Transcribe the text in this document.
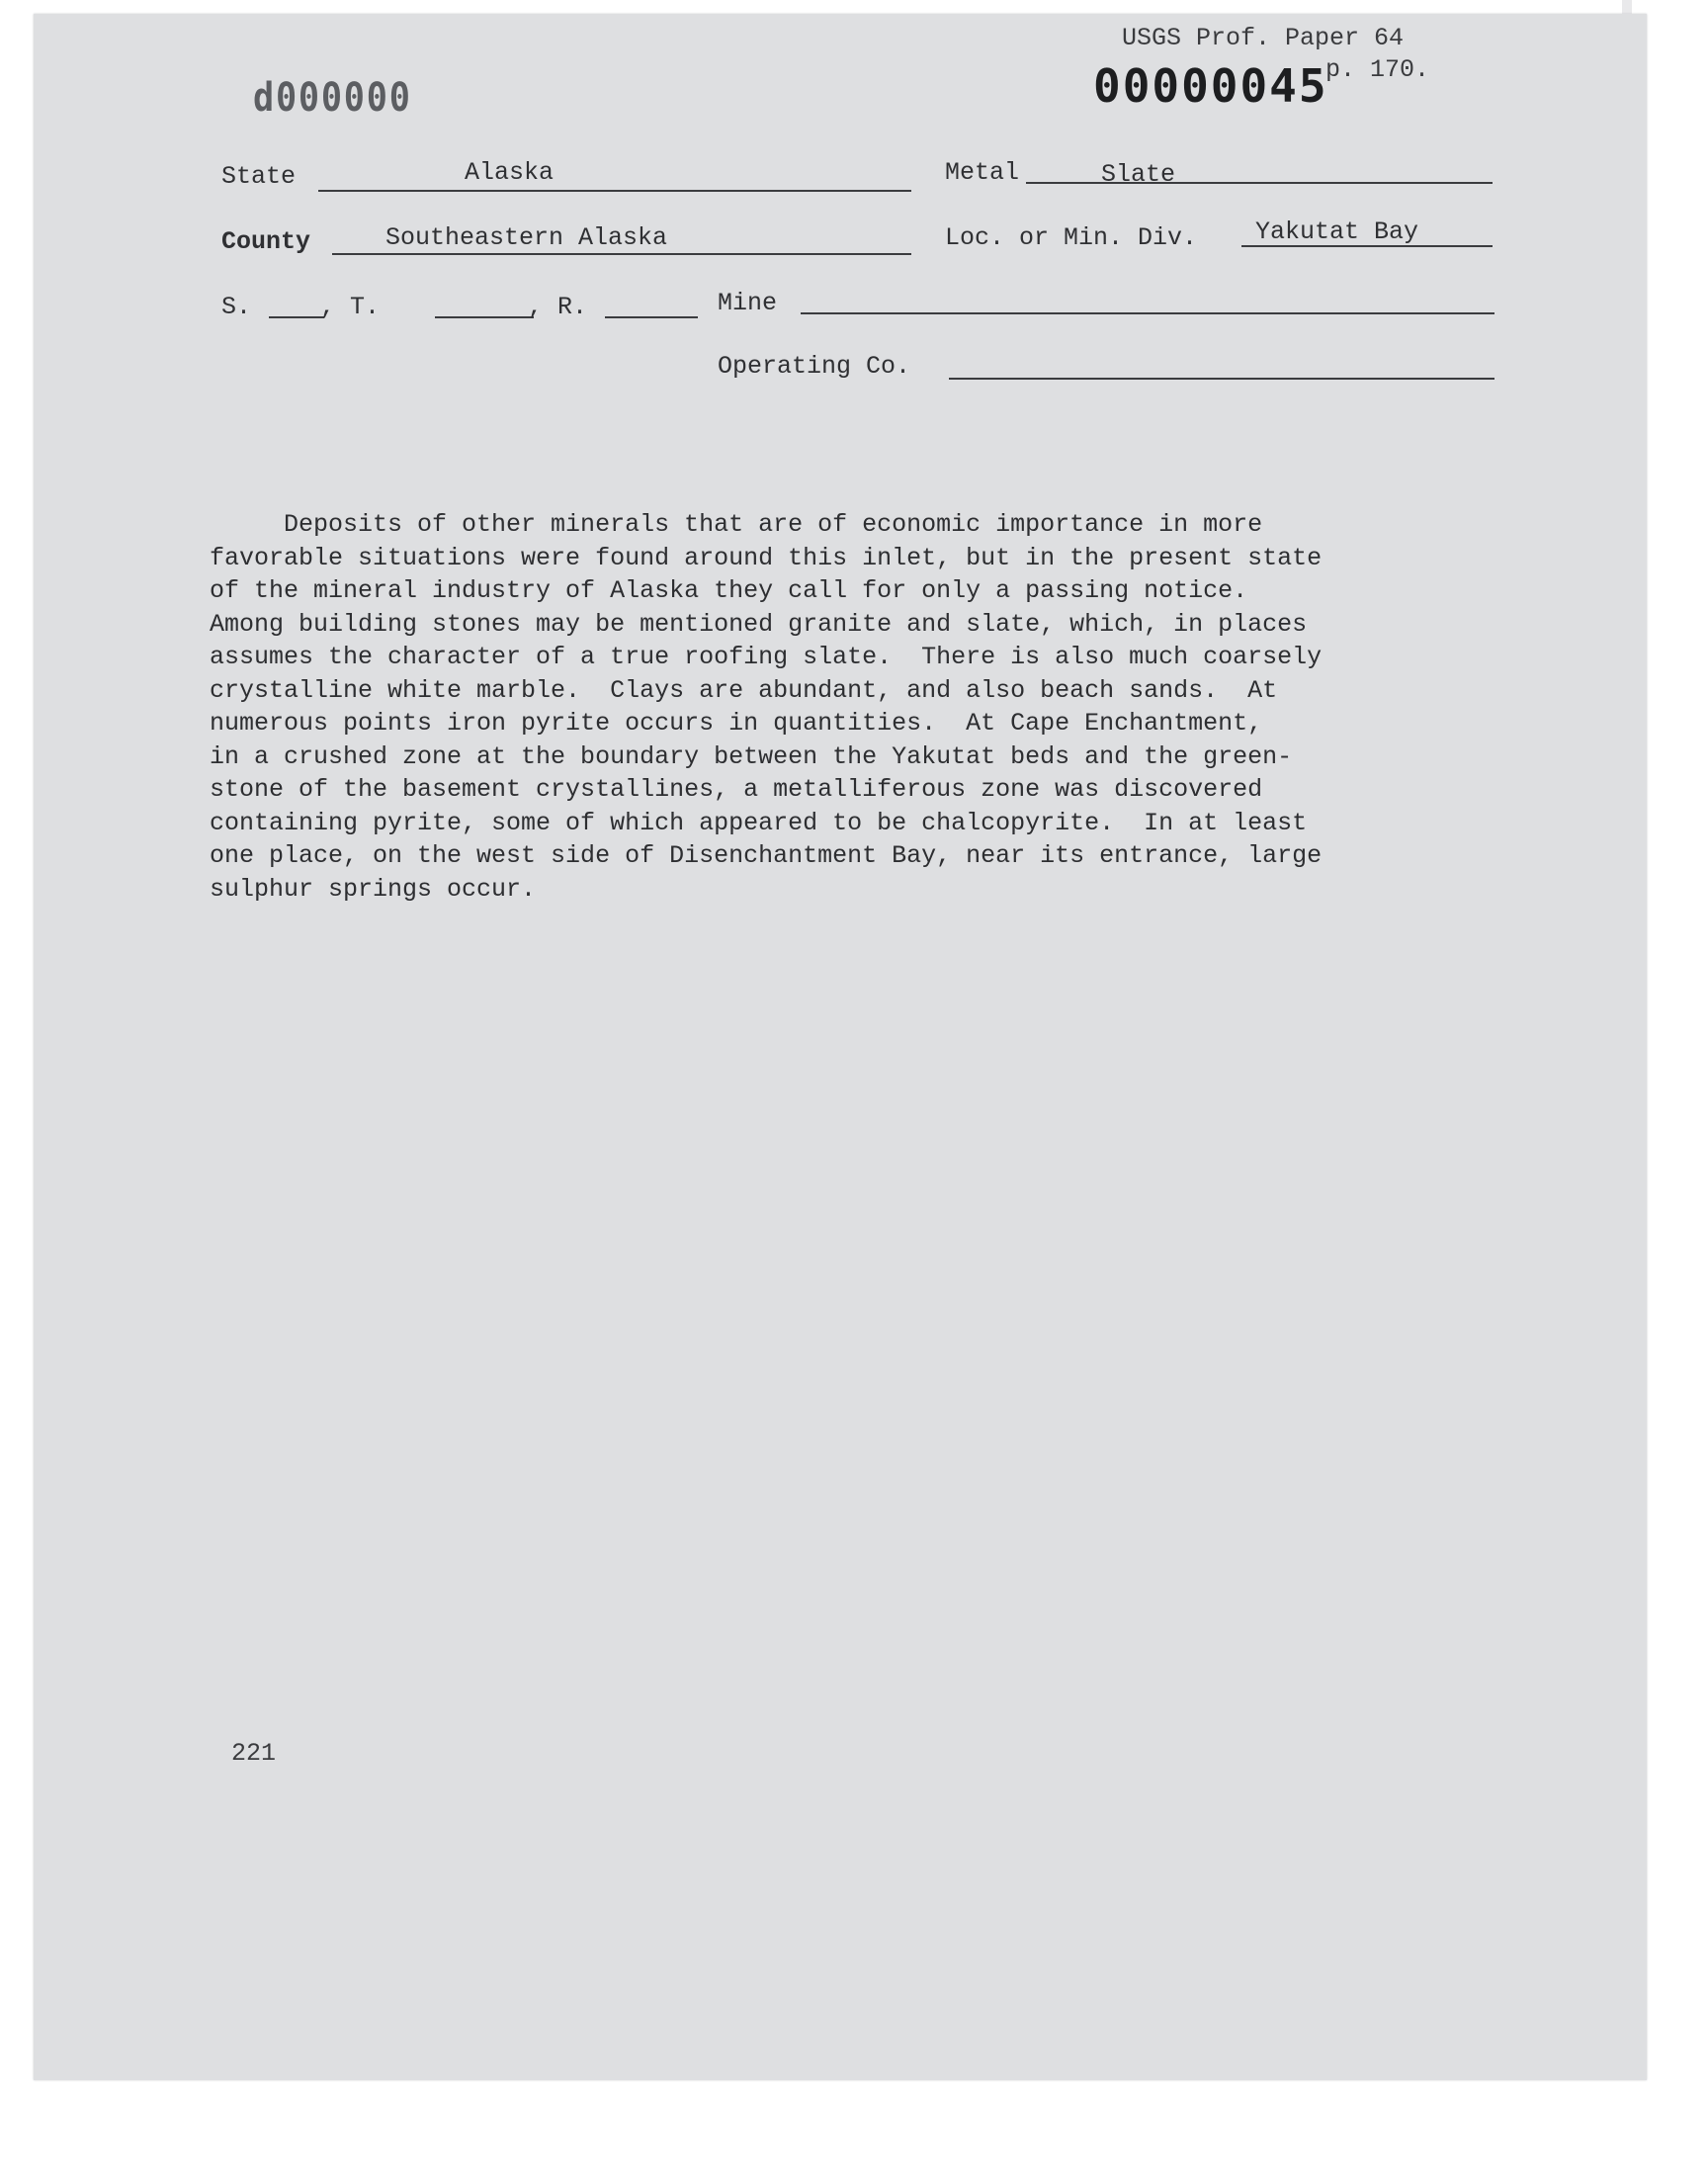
USGS Prof. Paper 64
p. 170.
d000000	00000045
State	Alaska	Metal	Slate
County	Southeastern Alaska	Loc. or Min. Div. Yakutat Bay
S.	, T.	, R.	Mine
Operating Co.
Deposits of other minerals that are of economic importance in more
favorable situations were found around this inlet, but in the present state
of the mineral industry of Alaska they call for only a passing notice.
Among building stones may be mentioned granite and slate, which, in places
assumes the character of a true roofing slate.  There is also much coarsely
crystalline white marble.  Clays are abundant, and also beach sands.  At
numerous points iron pyrite occurs in quantities.  At Cape Enchantment,
in a crushed zone at the boundary between the Yakutat beds and the green-
stone of the basement crystallines, a metalliferous zone was discovered
containing pyrite, some of which appeared to be chalcopyrite.  In at least
one place, on the west side of Disenchantment Bay, near its entrance, large
sulphur springs occur.
221
